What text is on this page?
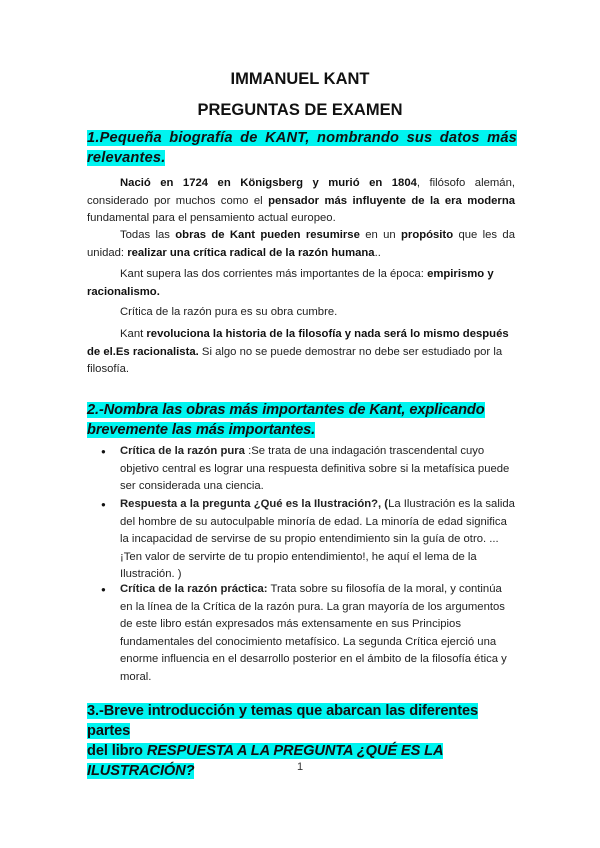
IMMANUEL KANT
PREGUNTAS DE EXAMEN
1.Pequeña biografía de KANT, nombrando sus datos más
relevantes.
Nació en 1724 en Königsberg y murió en 1804, filósofo alemán, considerado por muchos como el pensador más influyente de la era moderna fundamental para el pensamiento actual europeo.
Todas las obras de Kant pueden resumirse en un propósito que les da unidad: realizar una crítica radical de la razón humana..
Kant supera las dos corrientes más importantes de la época: empirismo y racionalismo.
Crítica de la razón pura es su obra cumbre.
Kant revoluciona la historia de la filosofía y nada será lo mismo después de el.Es racionalista. Si algo no se puede demostrar no debe ser estudiado por la filosofía.
2.-Nombra las obras más importantes de Kant, explicando
brevemente las más importantes.
● Crítica de la razón pura :Se trata de una indagación trascendental cuyo objetivo central es lograr una respuesta definitiva sobre si la metafísica puede ser considerada una ciencia.
● Respuesta a la pregunta ¿Qué es la Ilustración?, (La Ilustración es la salida del hombre de su autoculpable minoría de edad. La minoría de edad significa la incapacidad de servirse de su propio entendimiento sin la guía de otro. ... ¡Ten valor de servirte de tu propio entendimiento!, he aquí el lema de la Ilustración. )
● Crítica de la razón práctica: Trata sobre su filosofía de la moral, y continúa en la línea de la Crítica de la razón pura. La gran mayoría de los argumentos de este libro están expresados más extensamente en sus Principios fundamentales del conocimiento metafísico. La segunda Crítica ejerció una enorme influencia en el desarrollo posterior en el ámbito de la filosofía ética y moral.
3.-Breve introducción y temas que abarcan las diferentes partes
del libro RESPUESTA A LA PREGUNTA ¿QUÉ ES LA ILUSTRACIÓN?	1
